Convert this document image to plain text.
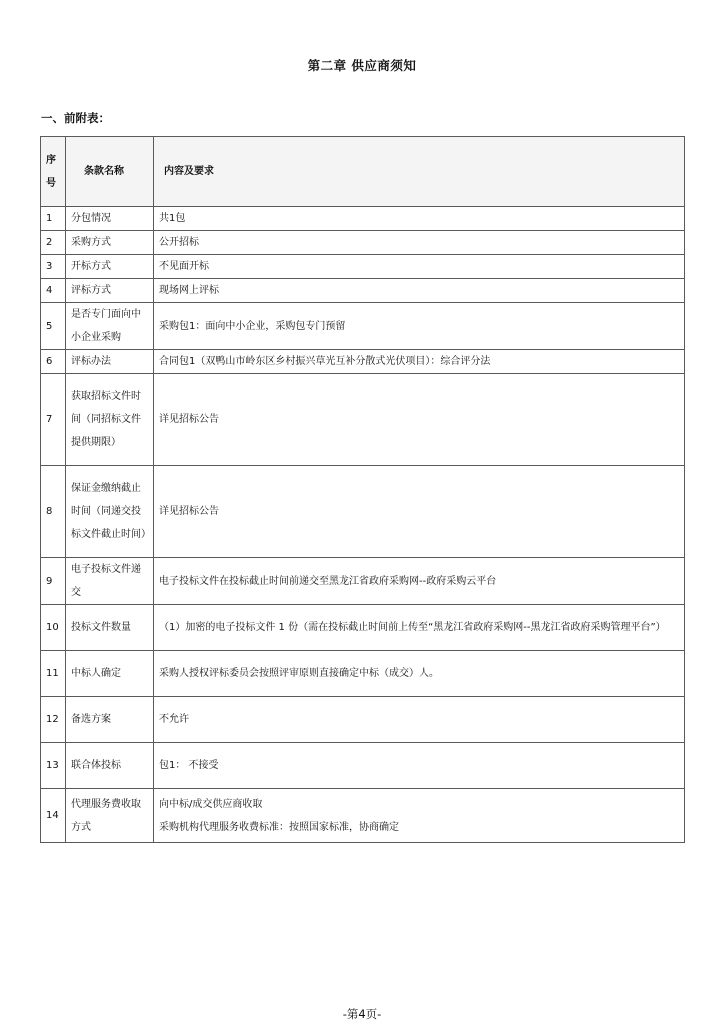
第二章 供应商须知
一、前附表：
序号	条款名称	内容及要求
1	分包情况	共1包

2	采购方式	公开招标

3	开标方式	不见面开标

4	评标方式	现场网上评标

5	是否专门面向中小企业采购	采购包1：面向中小企业，采购包专门预留

6	评标办法	合同包1（双鸭山市岭东区乡村振兴草光互补分散式光伏项目）：综合评分法

7	获取招标文件时间（同招标文件提供期限）	详见招标公告

8	保证金缴纳截止时间（同递交投标文件截止时间）	详见招标公告

9	电子投标文件递交	电子投标文件在投标截止时间前递交至黑龙江省政府采购网--政府采购云平台

10	投标文件数量	（1）加密的电子投标文件 1 份（需在投标截止时间前上传至“黑龙江省政府采购网--黑龙江省政府采购管理平台”）

11	中标人确定	采购人授权评标委员会按照评审原则直接确定中标（成交）人。

12	备选方案	不允许

13	联合体投标	包1： 不接受

14	代理服务费收取方式	向中标/成交供应商收取
采购机构代理服务收费标准：按照国家标准，协商确定
-第4页-
